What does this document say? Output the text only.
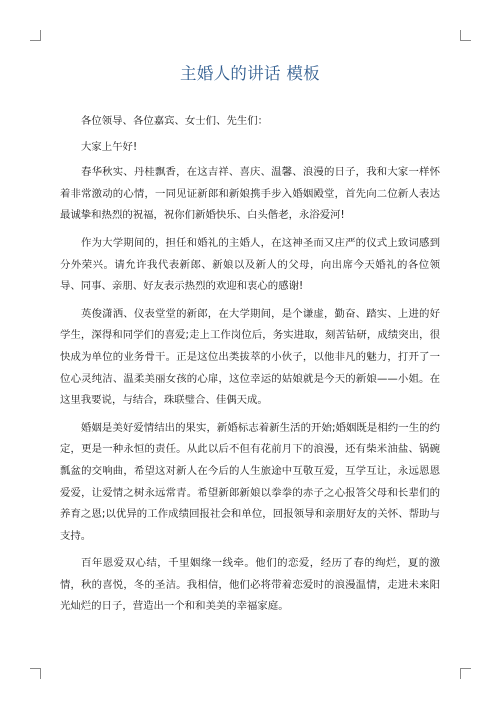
主婚人的讲话 模板

各位领导、各位嘉宾、女士们、先生们：

大家上午好!

春华秋实、丹桂飘香，在这吉祥、喜庆、温馨、浪漫的日子，我和大家一样怀着非常激动的心情，一同见证新郎和新娘携手步入婚姻殿堂，首先向二位新人表达最诚挚和热烈的祝福，祝你们新婚快乐、白头偕老，永浴爱河!

作为大学期间的，担任和婚礼的主婚人，在这神圣而又庄严的仪式上致词感到分外荣兴。请允许我代表新郎、新娘以及新人的父母，向出席今天婚礼的各位领导、同事、亲朋、好友表示热烈的欢迎和衷心的感谢!

英俊潇洒、仪表堂堂的新郎，在大学期间，是个谦虚，勤奋、踏实、上进的好学生，深得和同学们的喜爱;走上工作岗位后，务实进取，刻苦钻研，成绩突出，很快成为单位的业务骨干。正是这位出类拔萃的小伙子，以他非凡的魅力，打开了一位心灵纯洁、温柔美丽女孩的心扉，这位幸运的姑娘就是今天的新娘——小姐。在这里我要说，与结合，珠联璧合、佳偶天成。

婚姻是美好爱情结出的果实，新婚标志着新生活的开始;婚姻既是相约一生的约定，更是一种永恒的责任。从此以后不但有花前月下的浪漫，还有柴米油盐、锅碗瓢盆的交响曲，希望这对新人在今后的人生旅途中互敬互爱，互学互让，永远恩恩爱爱，让爱情之树永远常青。希望新郎新娘以拳拳的赤子之心报答父母和长辈们的养育之恩;以优异的工作成绩回报社会和单位，回报领导和亲朋好友的关怀、帮助与支持。

百年恩爱双心结，千里姻缘一线牵。他们的恋爱，经历了春的绚烂，夏的激情，秋的喜悦，冬的圣洁。我相信，他们必将带着恋爱时的浪漫温情，走进未来阳光灿烂的日子，营造出一个和和美美的幸福家庭。
